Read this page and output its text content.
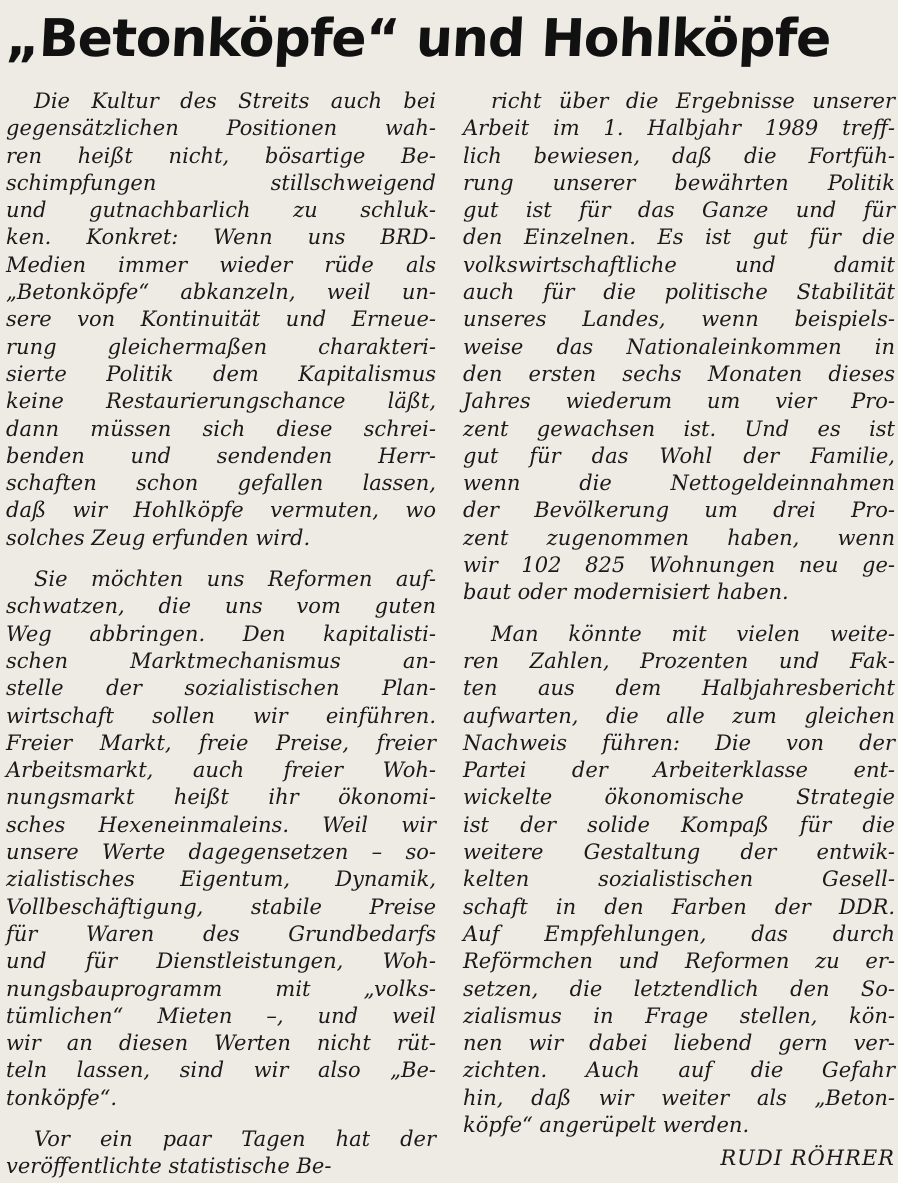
„Betonköpfe“ und Hohlköpfe
Die Kultur des Streits auch bei
gegensätzlichen Positionen wah-
ren heißt nicht, bösartige Be-
schimpfungen stillschweigend
und gutnachbarlich zu schluk-
ken. Konkret: Wenn uns BRD-
Medien immer wieder rüde als
„Betonköpfe“ abkanzeln, weil un-
sere von Kontinuität und Erneue-
rung gleichermaßen charakteri-
sierte Politik dem Kapitalismus
keine Restaurierungschance läßt,
dann müssen sich diese schrei-
benden und sendenden Herr-
schaften schon gefallen lassen,
daß wir Hohlköpfe vermuten, wo
solches Zeug erfunden wird.
Sie möchten uns Reformen auf-
schwatzen, die uns vom guten
Weg abbringen. Den kapitalisti-
schen Marktmechanismus an-
stelle der sozialistischen Plan-
wirtschaft sollen wir einführen.
Freier Markt, freie Preise, freier
Arbeitsmarkt, auch freier Woh-
nungsmarkt heißt ihr ökonomi-
sches Hexeneinmaleins. Weil wir
unsere Werte dagegensetzen – so-
zialistisches Eigentum, Dynamik,
Vollbeschäftigung, stabile Preise
für Waren des Grundbedarfs
und für Dienstleistungen, Woh-
nungsbauprogramm mit „volks-
tümlichen“ Mieten –, und weil
wir an diesen Werten nicht rüt-
teln lassen, sind wir also „Be-
tonköpfe“.
Vor ein paar Tagen hat der
veröffentlichte statistische Be-
richt über die Ergebnisse unserer
Arbeit im 1. Halbjahr 1989 treff-
lich bewiesen, daß die Fortfüh-
rung unserer bewährten Politik
gut ist für das Ganze und für
den Einzelnen. Es ist gut für die
volkswirtschaftliche und damit
auch für die politische Stabilität
unseres Landes, wenn beispiels-
weise das Nationaleinkommen in
den ersten sechs Monaten dieses
Jahres wiederum um vier Pro-
zent gewachsen ist. Und es ist
gut für das Wohl der Familie,
wenn die Nettogeldeinnahmen
der Bevölkerung um drei Pro-
zent zugenommen haben, wenn
wir 102 825 Wohnungen neu ge-
baut oder modernisiert haben.
Man könnte mit vielen weite-
ren Zahlen, Prozenten und Fak-
ten aus dem Halbjahresbericht
aufwarten, die alle zum gleichen
Nachweis führen: Die von der
Partei der Arbeiterklasse ent-
wickelte ökonomische Strategie
ist der solide Kompaß für die
weitere Gestaltung der entwik-
kelten sozialistischen Gesell-
schaft in den Farben der DDR.
Auf Empfehlungen, das durch
Reförmchen und Reformen zu er-
setzen, die letztendlich den So-
zialismus in Frage stellen, kön-
nen wir dabei liebend gern ver-
zichten. Auch auf die Gefahr
hin, daß wir weiter als „Beton-
köpfe“ angerüpelt werden.
RUDI RÖHRER
